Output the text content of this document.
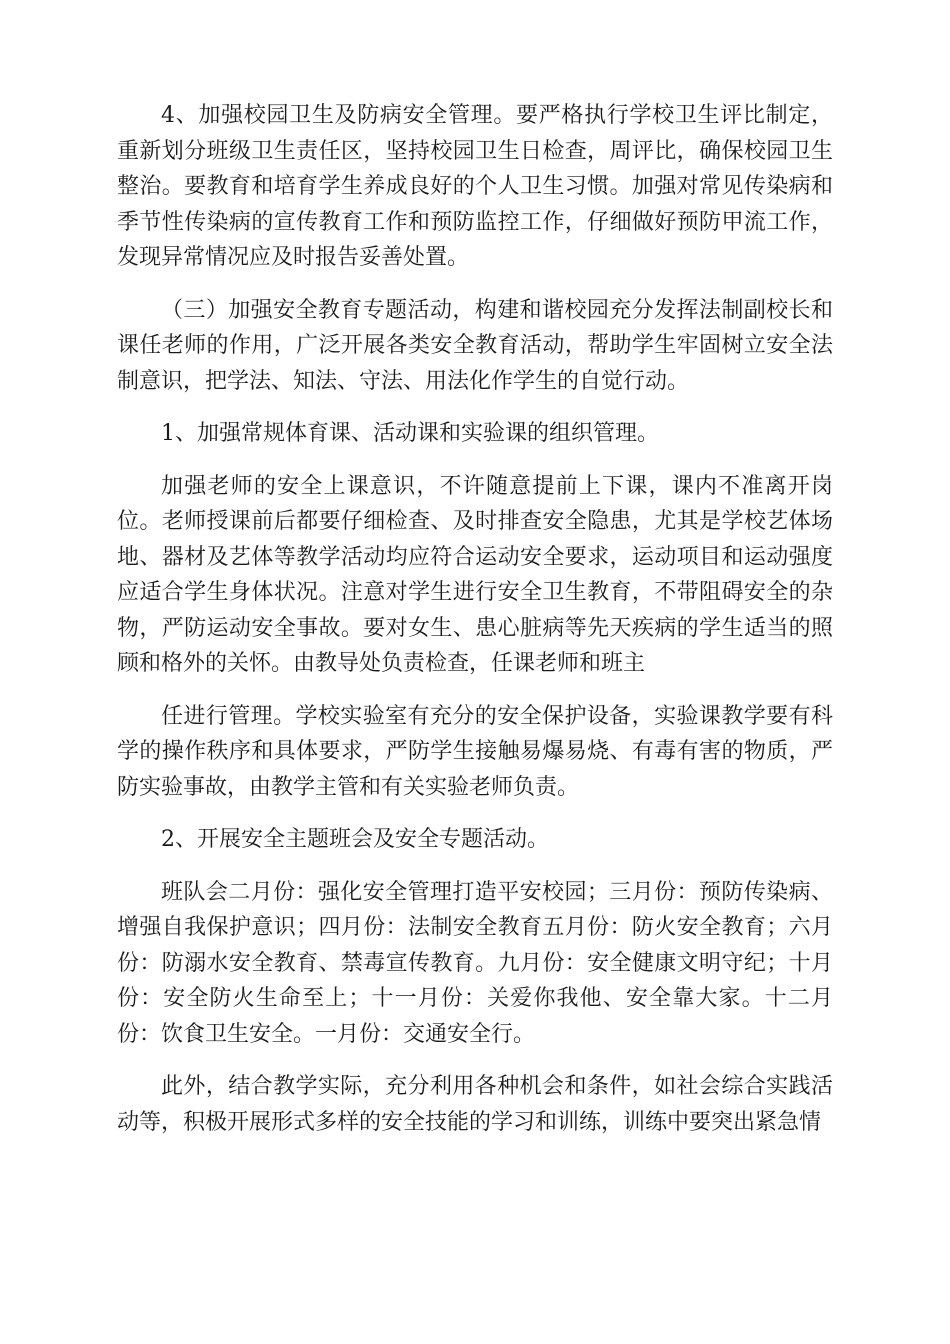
4、加强校园卫生及防病安全管理。要严格执行学校卫生评比制定，重新划分班级卫生责任区，坚持校园卫生日检查，周评比，确保校园卫生整治。要教育和培育学生养成良好的个人卫生习惯。加强对常见传染病和季节性传染病的宣传教育工作和预防监控工作，仔细做好预防甲流工作，发现异常情况应及时报告妥善处置。

（三）加强安全教育专题活动，构建和谐校园充分发挥法制副校长和课任老师的作用，广泛开展各类安全教育活动，帮助学生牢固树立安全法制意识，把学法、知法、守法、用法化作学生的自觉行动。

1、加强常规体育课、活动课和实验课的组织管理。

加强老师的安全上课意识，不许随意提前上下课，课内不准离开岗位。老师授课前后都要仔细检查、及时排查安全隐患，尤其是学校艺体场地、器材及艺体等教学活动均应符合运动安全要求，运动项目和运动强度应适合学生身体状况。注意对学生进行安全卫生教育，不带阻碍安全的杂物，严防运动安全事故。要对女生、患心脏病等先天疾病的学生适当的照顾和格外的关怀。由教导处负责检查，任课老师和班主

任进行管理。学校实验室有充分的安全保护设备，实验课教学要有科学的操作秩序和具体要求，严防学生接触易爆易烧、有毒有害的物质，严防实验事故，由教学主管和有关实验老师负责。

2、开展安全主题班会及安全专题活动。

班队会二月份：强化安全管理打造平安校园；三月份：预防传染病、增强自我保护意识；四月份：法制安全教育五月份：防火安全教育；六月份：防溺水安全教育、禁毒宣传教育。九月份：安全健康文明守纪；十月份：安全防火生命至上；十一月份：关爱你我他、安全靠大家。十二月份：饮食卫生安全。一月份：交通安全行。

此外，结合教学实际，充分利用各种机会和条件，如社会综合实践活动等，积极开展形式多样的安全技能的学习和训练，训练中要突出紧急情
